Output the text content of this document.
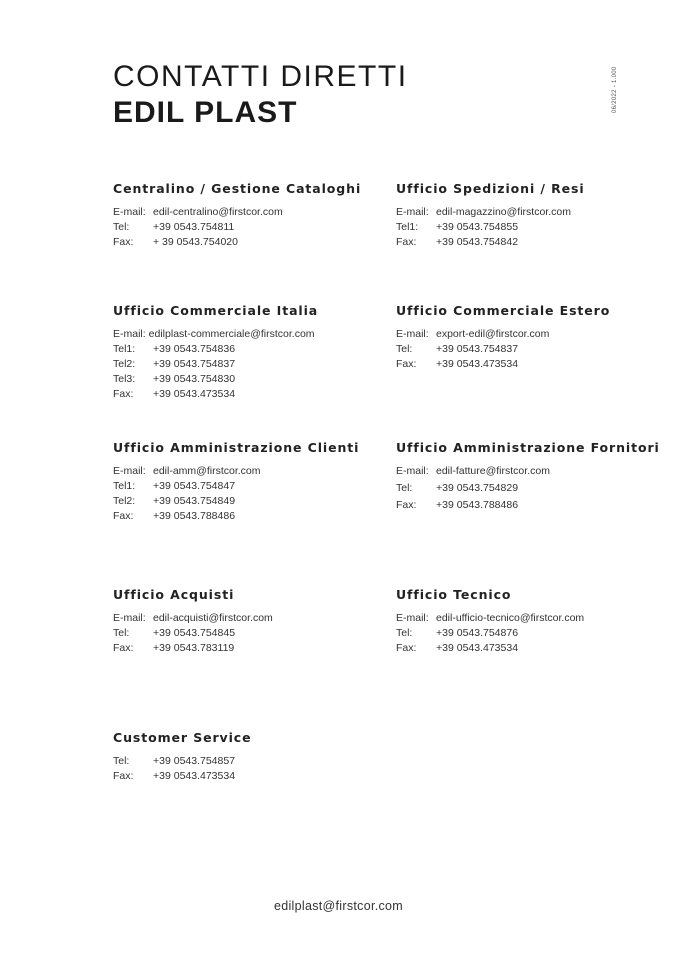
CONTATTI DIRETTI
EDIL PLAST	06/2022 - 1.000
Centralino / Gestione Cataloghi
E-mail: edil-centralino@firstcor.com
Tel:	+39 0543.754811
Fax:	+ 39 0543.754020
Ufficio Spedizioni / Resi
E-mail: edil-magazzino@firstcor.com
Tel1:	+39 0543.754855
Fax:	+39 0543.754842
Ufficio Commerciale Italia
E-mail: edilplast-commerciale@firstcor.com
Tel1:	+39 0543.754836
Tel2:	+39 0543.754837
Tel3:	+39 0543.754830
Fax:	+39 0543.473534
Ufficio Commerciale Estero
E-mail: export-edil@firstcor.com
Tel:	+39 0543.754837
Fax:	+39 0543.473534
Ufficio Amministrazione Clienti
E-mail: edil-amm@firstcor.com
Tel1:	+39 0543.754847
Tel2:	+39 0543.754849
Fax:	+39 0543.788486
Ufficio Amministrazione Fornitori
E-mail: edil-fatture@firstcor.com
Tel:	+39 0543.754829
Fax:	+39 0543.788486
Ufficio Acquisti
E-mail: edil-acquisti@firstcor.com
Tel:	+39 0543.754845
Fax:	+39 0543.783119
Ufficio Tecnico
E-mail: edil-ufficio-tecnico@firstcor.com
Tel:	+39 0543.754876
Fax:	+39 0543.473534
Customer Service
Tel:	+39 0543.754857
Fax:	+39 0543.473534
edilplast@firstcor.com
